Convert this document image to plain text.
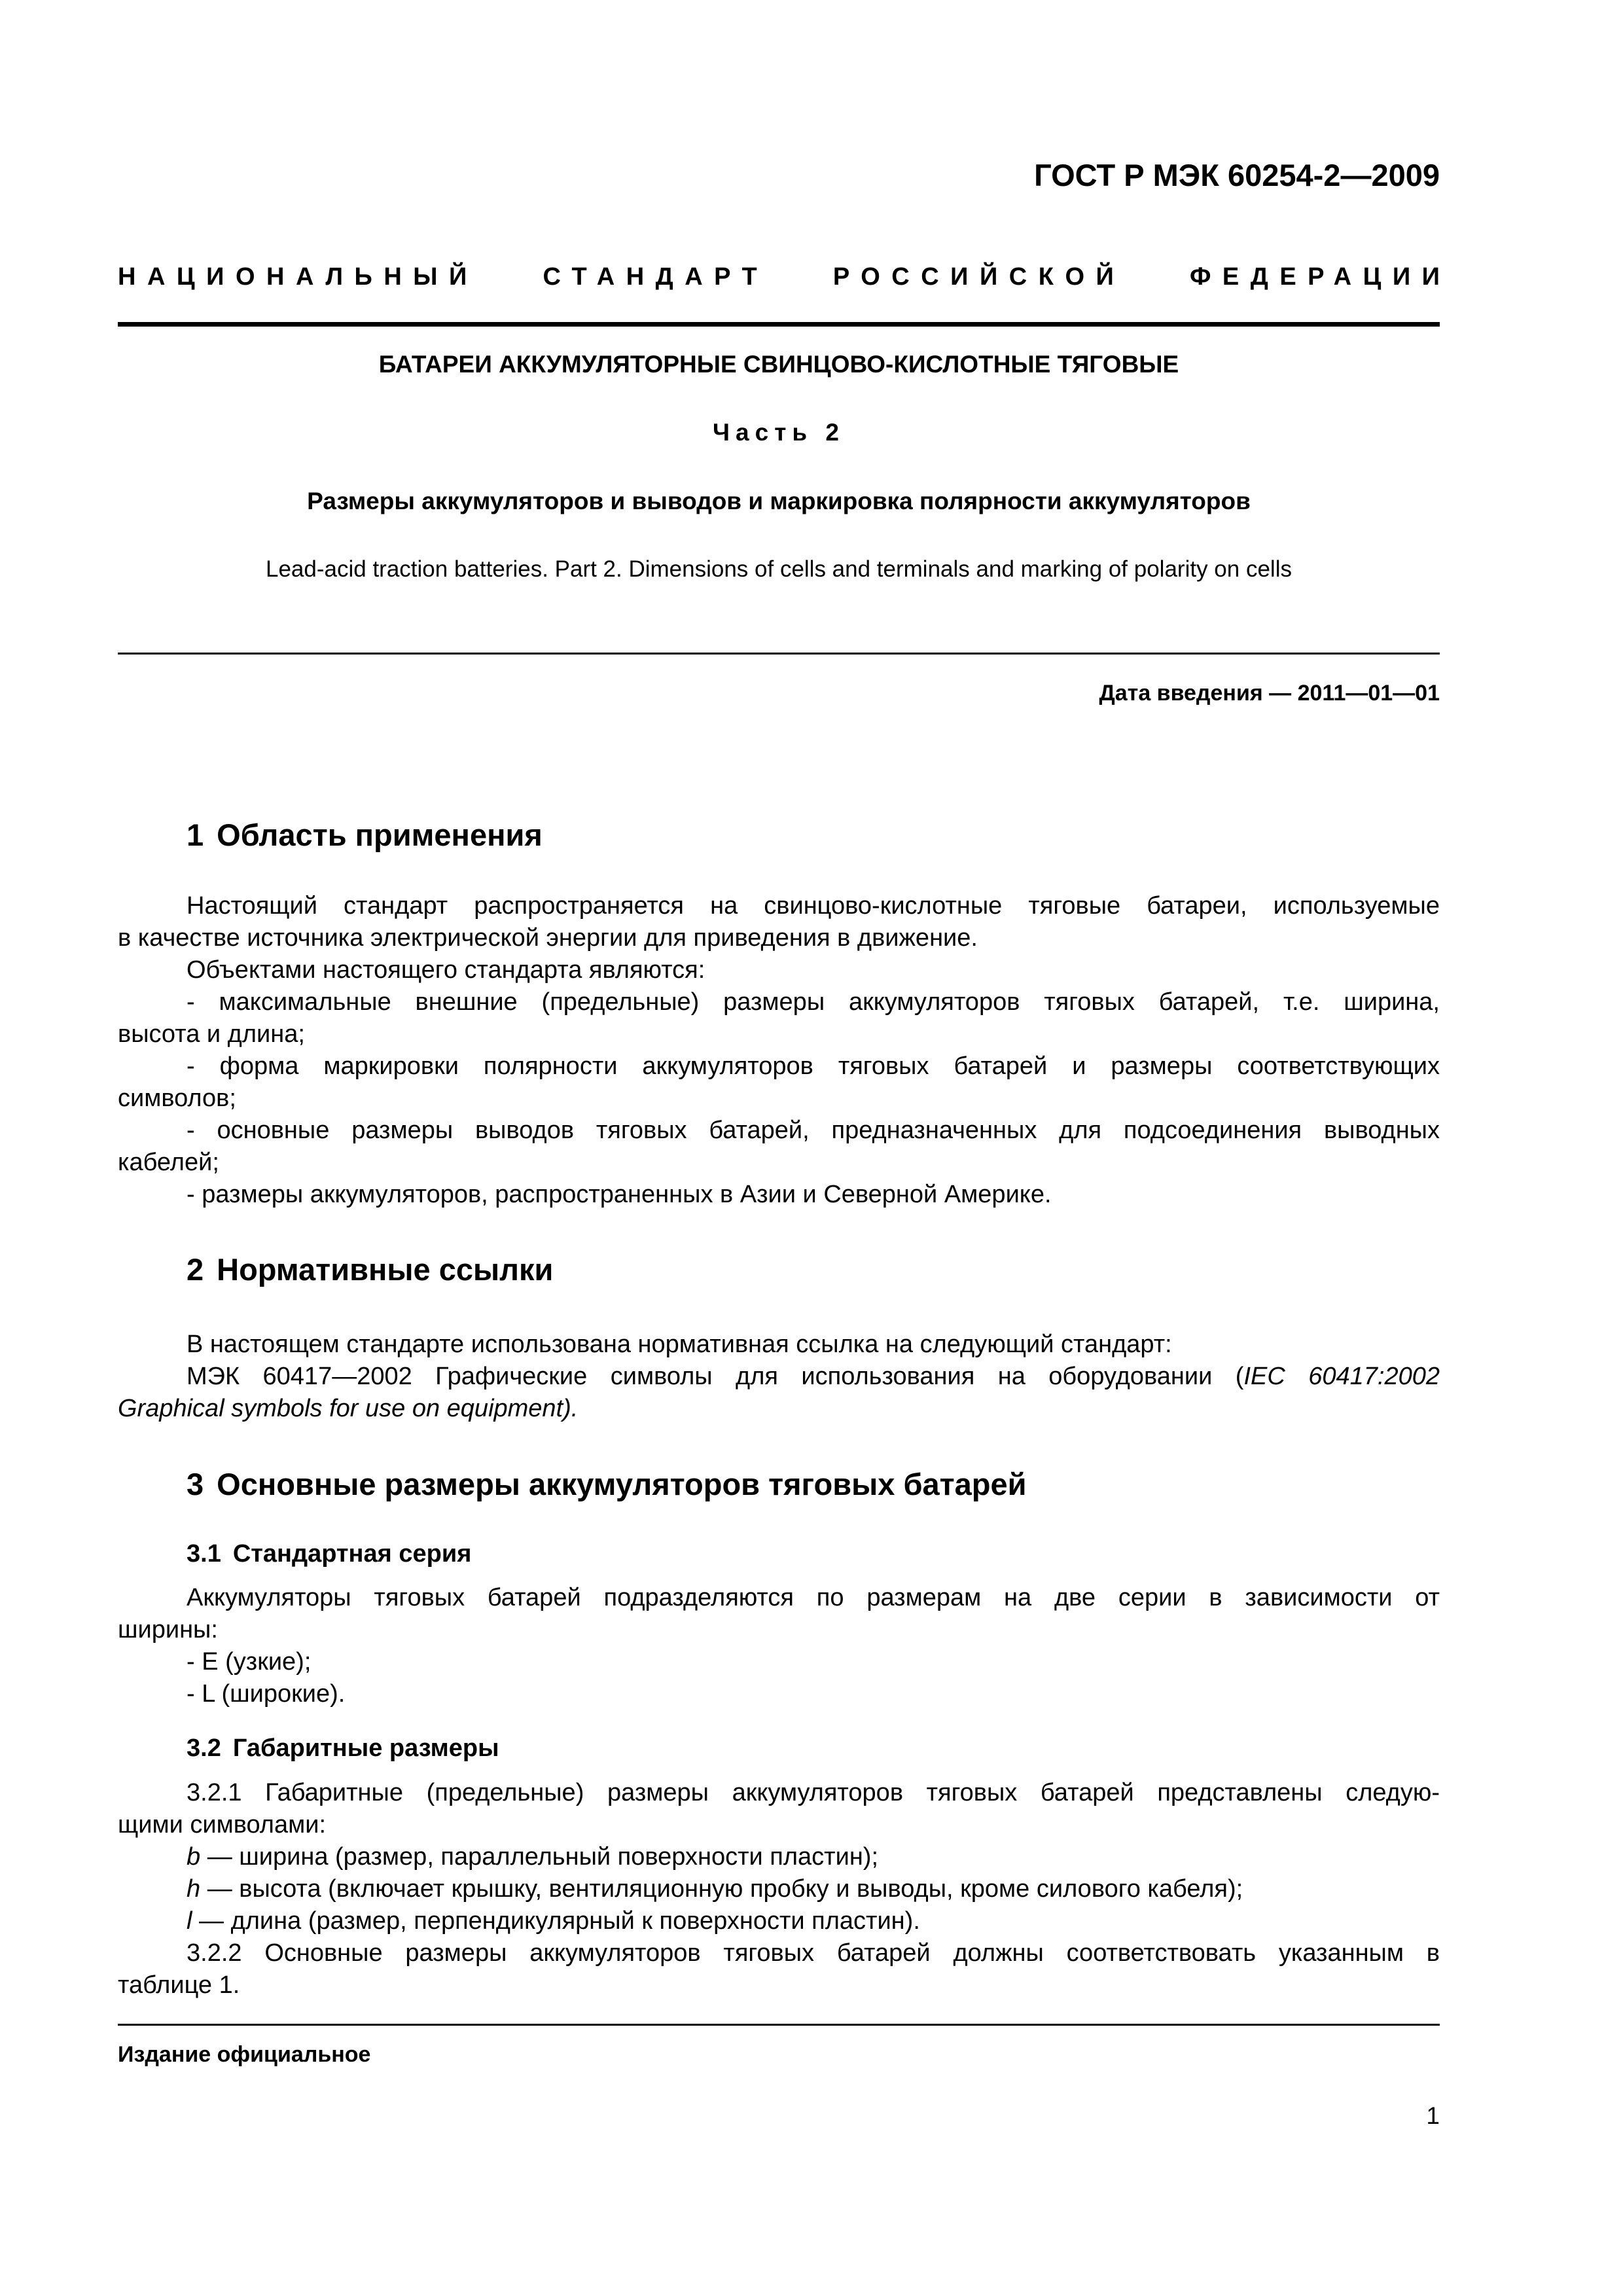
ГОСТ Р МЭК 60254-2—2009
НАЦИОНАЛЬНЫЙ	СТАНДАРТ	РОССИЙСКОЙ	ФЕДЕРАЦИИ
БАТАРЕИ АККУМУЛЯТОРНЫЕ СВИНЦОВО-КИСЛОТНЫЕ ТЯГОВЫЕ
Часть 2
Размеры аккумуляторов и выводов и маркировка полярности аккумуляторов
Lead-acid traction batteries. Part 2. Dimensions of cells and terminals and marking of polarity on cells
Дата введения — 2011—01—01
1 Область применения

Настоящий стандарт распространяется на свинцово-кислотные тяговые батареи, используемые

в качестве источника электрической энергии для приведения в движение.

Объектами настоящего стандарта являются:

- максимальные внешние (предельные) размеры аккумуляторов тяговых батарей, т.е. ширина,

высота и длина;

- форма маркировки полярности аккумуляторов тяговых батарей и размеры соответствующих

символов;

- основные размеры выводов тяговых батарей, предназначенных для подсоединения выводных

кабелей;

- размеры аккумуляторов, распространенных в Азии и Северной Америке.

2 Нормативные ссылки

В настоящем стандарте использована нормативная ссылка на следующий стандарт:

МЭК 60417—2002 Графические символы для использования на оборудовании (IEC 60417:2002

Graphical symbols for use on equipment).

3 Основные размеры аккумуляторов тяговых батарей
3.1 Стандартная серия

Аккумуляторы тяговых батарей подразделяются по размерам на две серии в зависимости от

ширины:

- Е (узкие);

- L (широкие).

3.2 Габаритные размеры

3.2.1 Габаритные (предельные) размеры аккумуляторов тяговых батарей представлены следую-

щими символами:

b — ширина (размер, параллельный поверхности пластин);

h — высота (включает крышку, вентиляционную пробку и выводы, кроме силового кабеля);

l — длина (размер, перпендикулярный к поверхности пластин).

3.2.2 Основные размеры аккумуляторов тяговых батарей должны соответствовать указанным в

таблице 1.

Издание официальное
1
